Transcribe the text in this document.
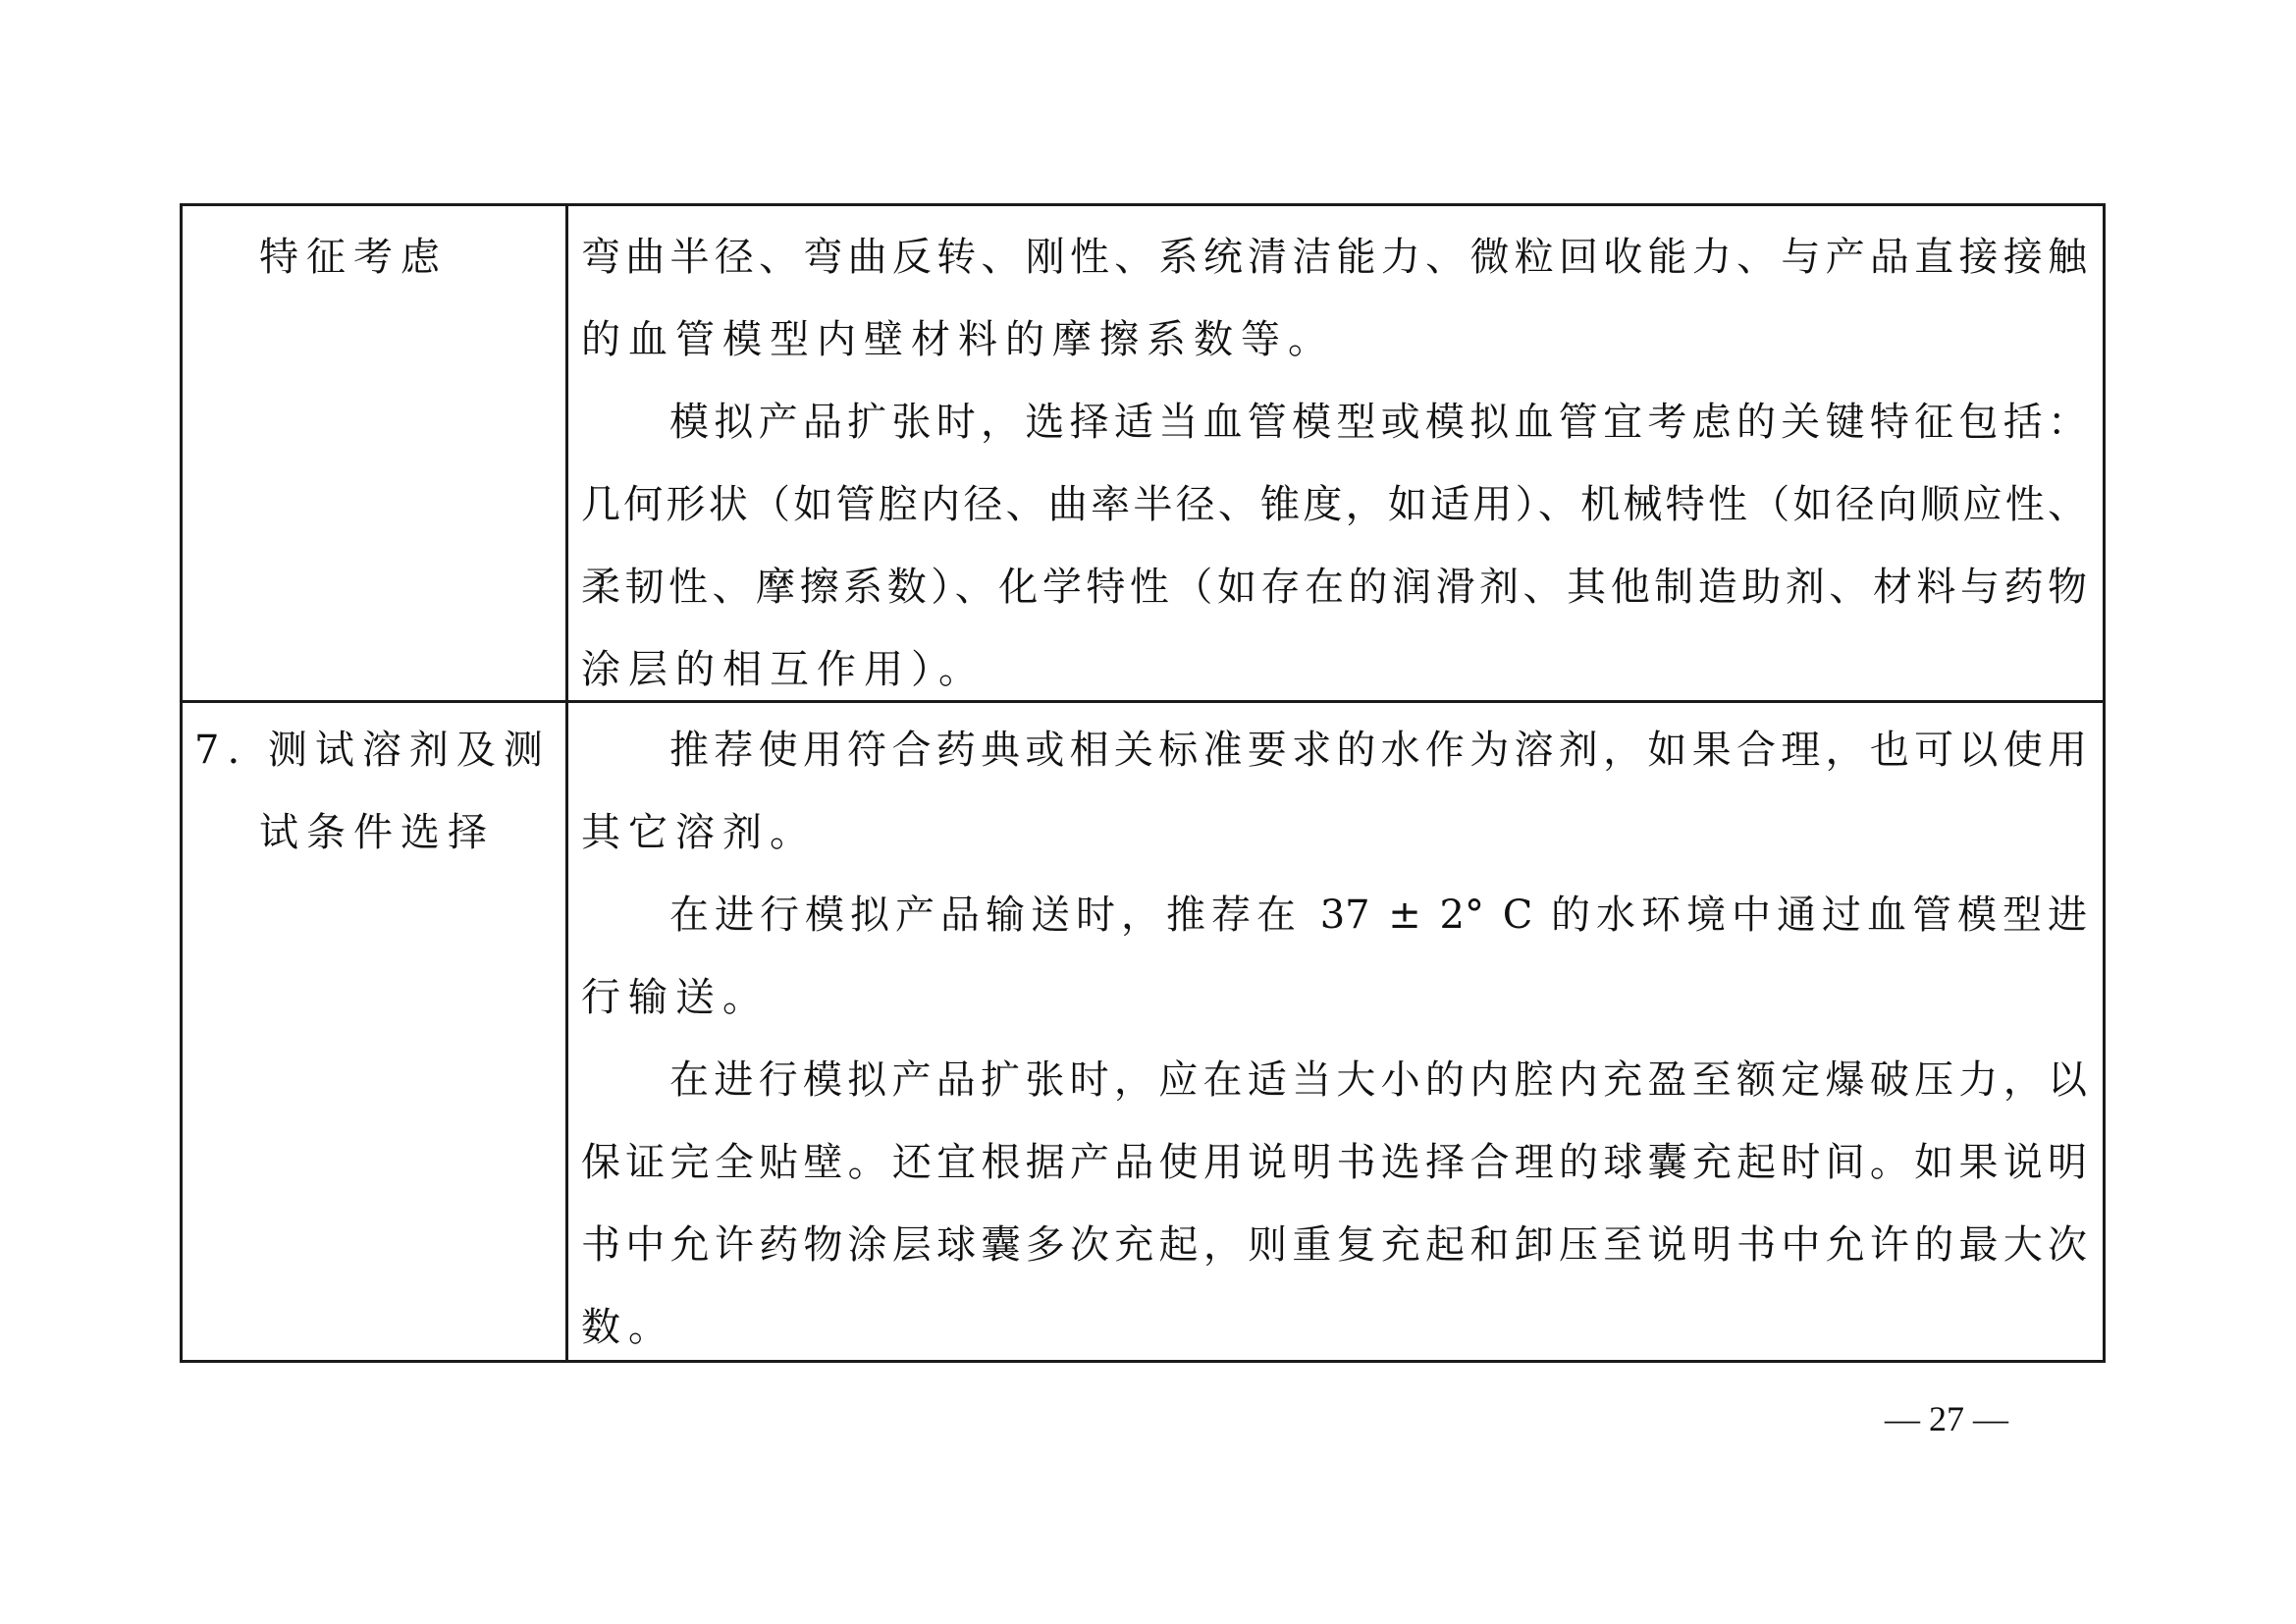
特征考虑	弯曲半径、弯曲反转、刚性、系统清洁能力、微粒回收能力、与产品直接接触
的血管模型内壁材料的摩擦系数等。
模拟产品扩张时，选择适当血管模型或模拟血管宜考虑的关键特征包括：
几何形状（如管腔内径、曲率半径、锥度，如适用）、机械特性（如径向顺应性、
柔韧性、摩擦系数）、化学特性（如存在的润滑剂、其他制造助剂、材料与药物
涂层的相互作用）。
7. 测试溶剂及测
试条件选择
推荐使用符合药典或相关标准要求的水作为溶剂，如果合理，也可以使用
其它溶剂。
在进行模拟产品输送时，推荐在 37 ± 2° C 的水环境中通过血管模型进
行输送。
在进行模拟产品扩张时，应在适当大小的内腔内充盈至额定爆破压力，以
保证完全贴壁。还宜根据产品使用说明书选择合理的球囊充起时间。如果说明
书中允许药物涂层球囊多次充起，则重复充起和卸压至说明书中允许的最大次
数。
— 27 —
